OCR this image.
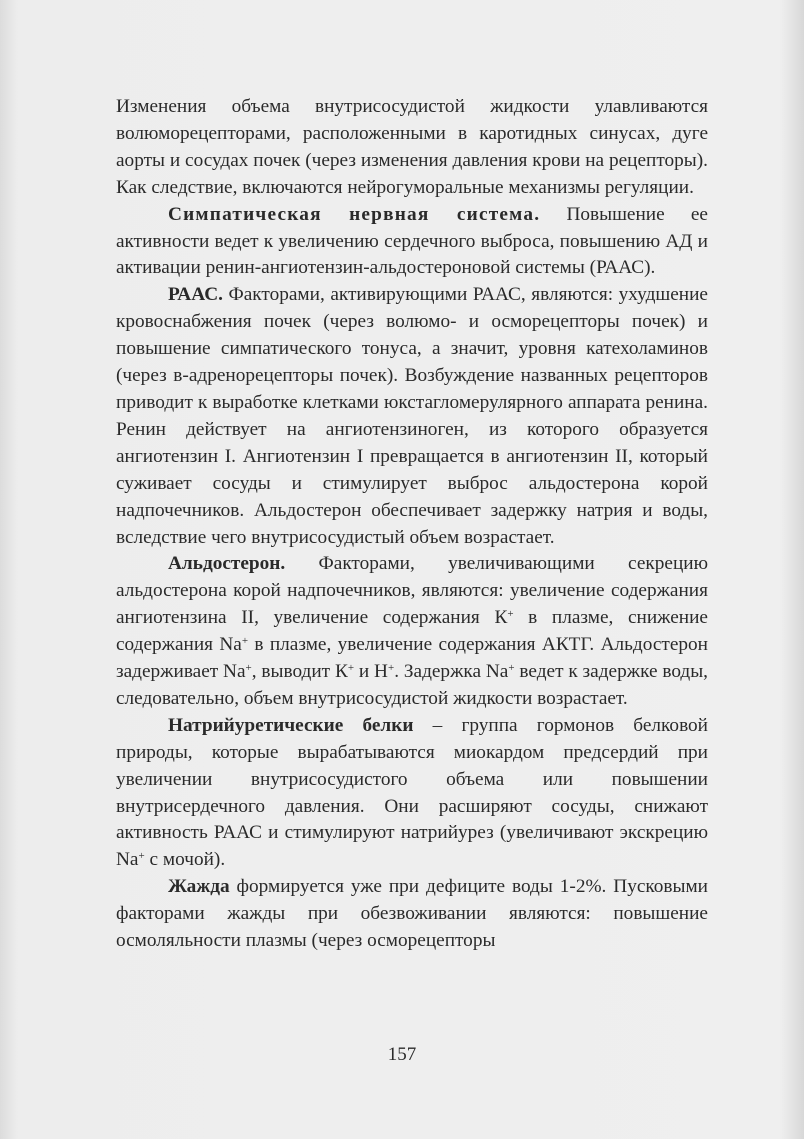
Изменения объема внутрисосудистой жидкости улавливаются волюморецепторами, расположенными в каротидных синусах, дуге аорты и сосудах почек (через изменения давления крови на рецепторы). Как следствие, включаются нейрогуморальные механизмы регуляции.

Симпатическая нервная система. Повышение ее активности ведет к увеличению сердечного выброса, повышению АД и активации ренин-ангиотензин-альдостероновой системы (РААС).

РААС. Факторами, активирующими РААС, являются: ухудшение кровоснабжения почек (через волюмо- и осморецепторы почек) и повышение симпатического тонуса, а значит, уровня катехоламинов (через в-адренорецепторы почек). Возбуждение названных рецепторов приводит к выработке клетками юкстагломерулярного аппарата ренина. Ренин действует на ангиотензиноген, из которого образуется ангиотензин I. Ангиотензин I превращается в ангиотензин II, который суживает сосуды и стимулирует выброс альдостерона корой надпочечников. Альдостерон обеспечивает задержку натрия и воды, вследствие чего внутрисосудистый объем возрастает.

Альдостерон. Факторами, увеличивающими секрецию альдостерона корой надпочечников, являются: увеличение содержания ангиотензина II, увеличение содержания К+ в плазме, снижение содержания Na+ в плазме, увеличение содержания АКТГ. Альдостерон задерживает Na+, выводит К+ и Н+. Задержка Na+ ведет к задержке воды, следовательно, объем внутрисосудистой жидкости возрастает.

Натрийуретические белки – группа гормонов белковой природы, которые вырабатываются миокардом предсердий при увеличении внутрисосудистого объема или повышении внутрисердечного давления. Они расширяют сосуды, снижают активность РААС и стимулируют натрийурез (увеличивают экскрецию Na+ с мочой).

Жажда формируется уже при дефиците воды 1-2%. Пусковыми факторами жажды при обезвоживании являются: повышение осмоляльности плазмы (через осморецепторы

157
